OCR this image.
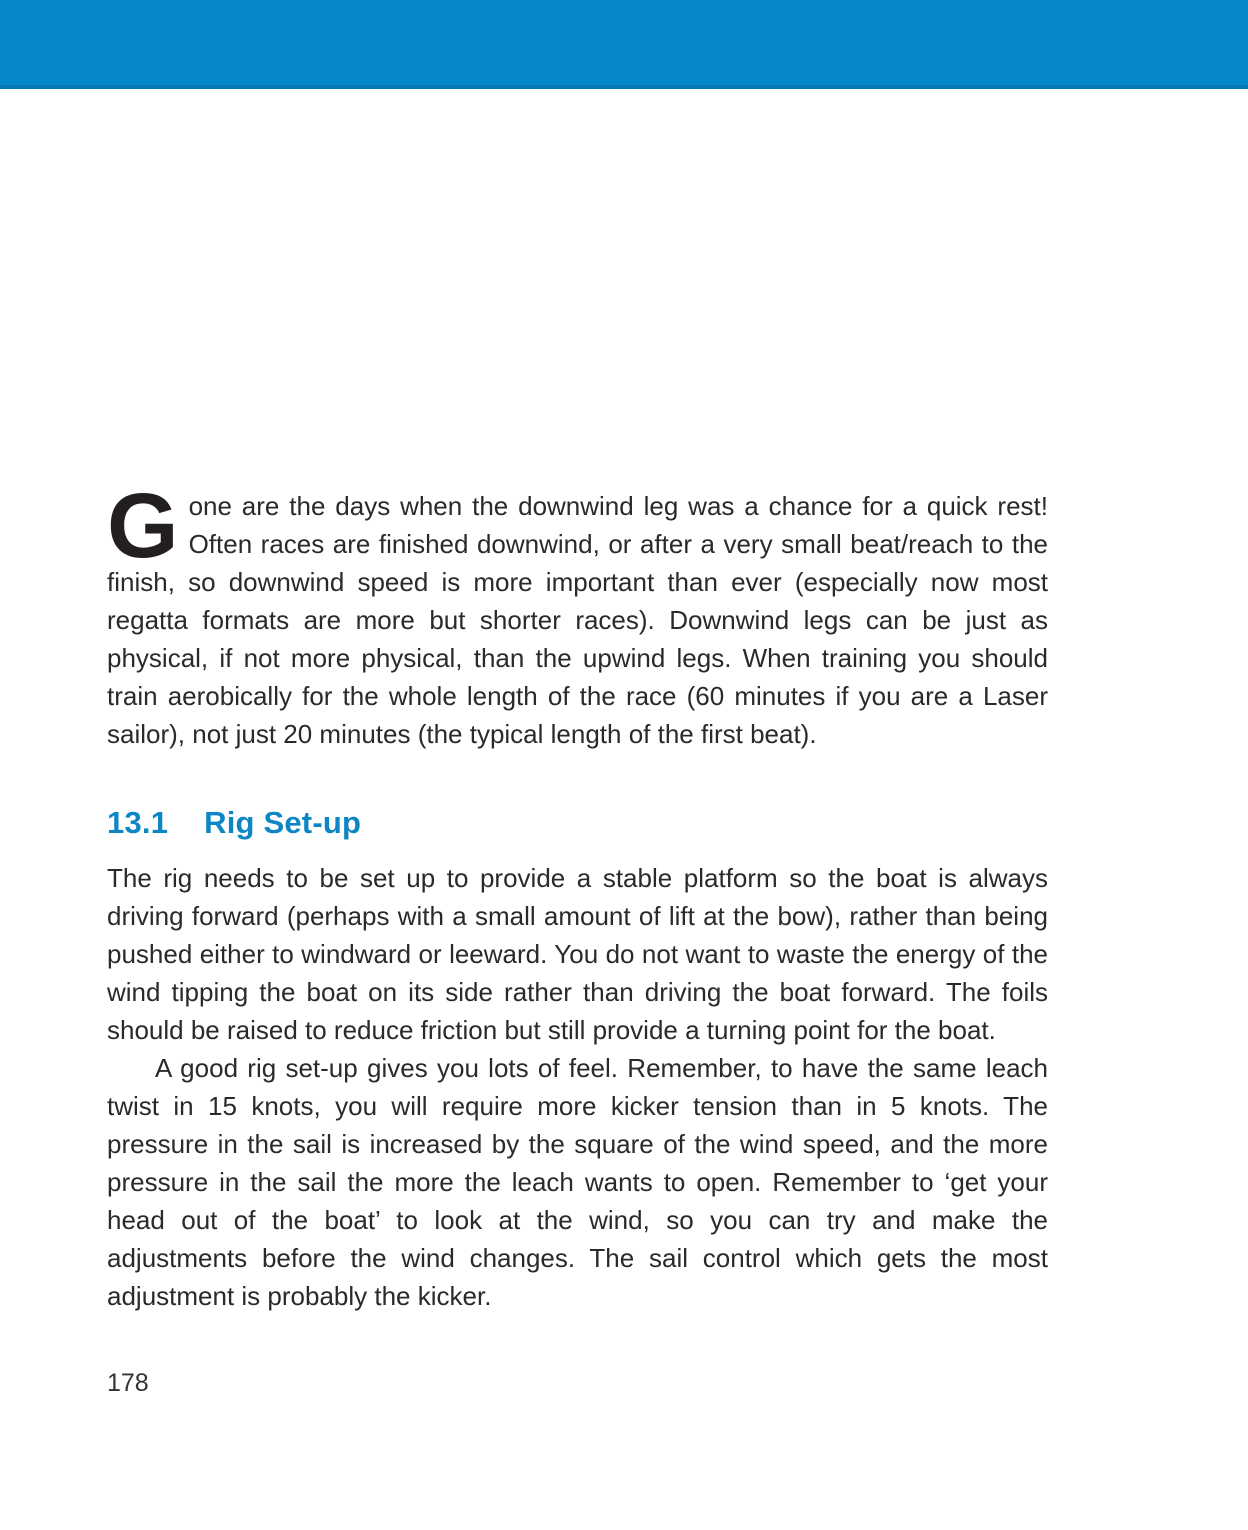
Gone are the days when the downwind leg was a chance for a quick rest! Often races are finished downwind, or after a very small beat/reach to the finish, so downwind speed is more important than ever (especially now most regatta formats are more but shorter races). Downwind legs can be just as physical, if not more physical, than the upwind legs. When training you should train aerobically for the whole length of the race (60 minutes if you are a Laser sailor), not just 20 minutes (the typical length of the first beat).

13.1 Rig Set-up

The rig needs to be set up to provide a stable platform so the boat is always driving forward (perhaps with a small amount of lift at the bow), rather than being pushed either to windward or leeward. You do not want to waste the energy of the wind tipping the boat on its side rather than driving the boat forward. The foils should be raised to reduce friction but still provide a turning point for the boat.

A good rig set-up gives you lots of feel. Remember, to have the same leach twist in 15 knots, you will require more kicker tension than in 5 knots. The pressure in the sail is increased by the square of the wind speed, and the more pressure in the sail the more the leach wants to open. Remember to ‘get your head out of the boat’ to look at the wind, so you can try and make the adjustments before the wind changes. The sail control which gets the most adjustment is probably the kicker.

178
